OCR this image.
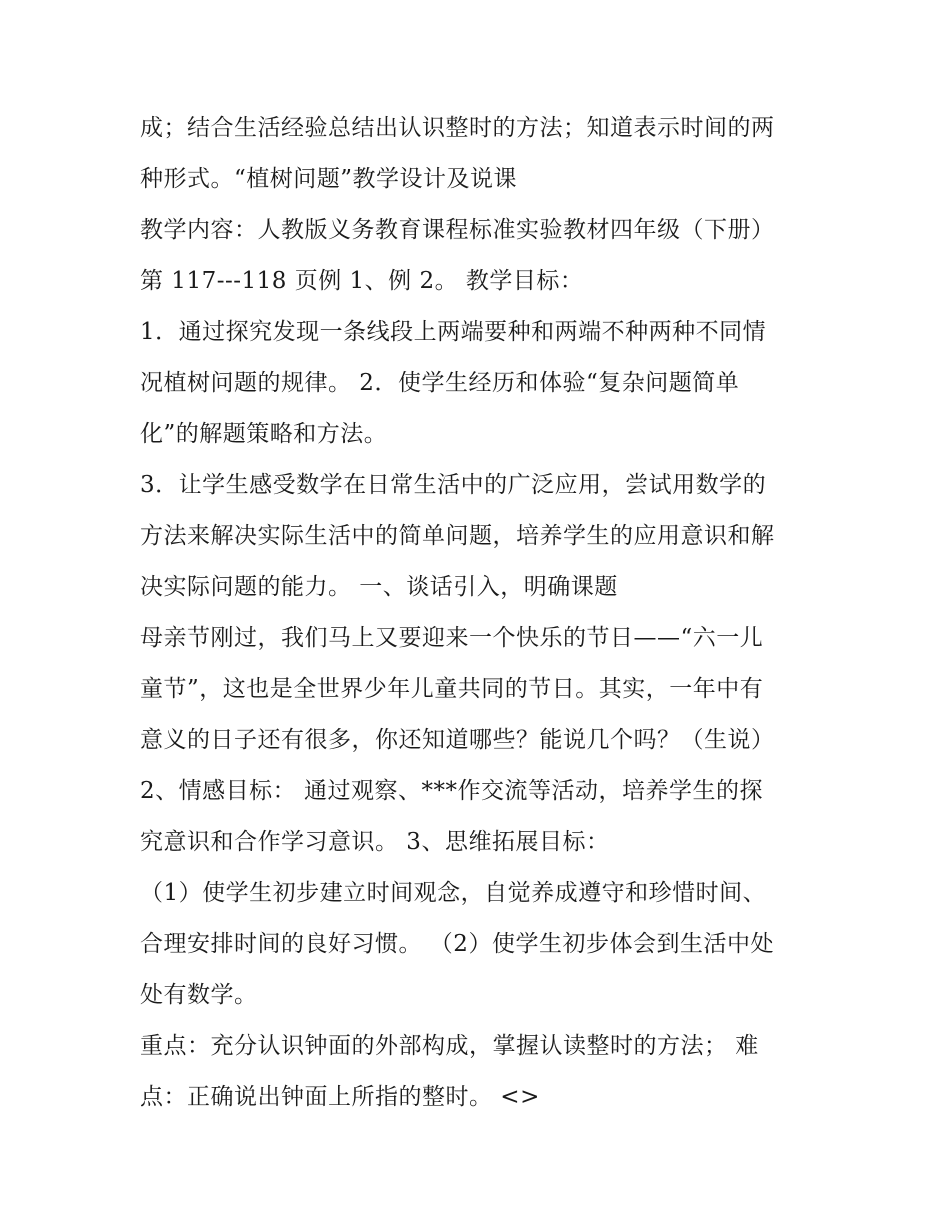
成；结合生活经验总结出认识整时的方法；知道表示时间的两

种形式。“植树问题”教学设计及说课

教学内容：人教版义务教育课程标准实验教材四年级（下册）

第 117---118 页例 1、例 2。 教学目标：

1．通过探究发现一条线段上两端要种和两端不种两种不同情

况植树问题的规律。 2．使学生经历和体验“复杂问题简单

化”的解题策略和方法。

3．让学生感受数学在日常生活中的广泛应用，尝试用数学的

方法来解决实际生活中的简单问题，培养学生的应用意识和解

决实际问题的能力。 一、谈话引入，明确课题

母亲节刚过，我们马上又要迎来一个快乐的节日——“六一儿

童节”，这也是全世界少年儿童共同的节日。其实，一年中有

意义的日子还有很多，你还知道哪些？能说几个吗？（生说）

2、情感目标： 通过观察、***作交流等活动，培养学生的探

究意识和合作学习意识。 3、思维拓展目标：

（1）使学生初步建立时间观念，自觉养成遵守和珍惜时间、

合理安排时间的良好习惯。 （2）使学生初步体会到生活中处

处有数学。

重点：充分认识钟面的外部构成，掌握认读整时的方法； 难

点：正确说出钟面上所指的整时。 <>
